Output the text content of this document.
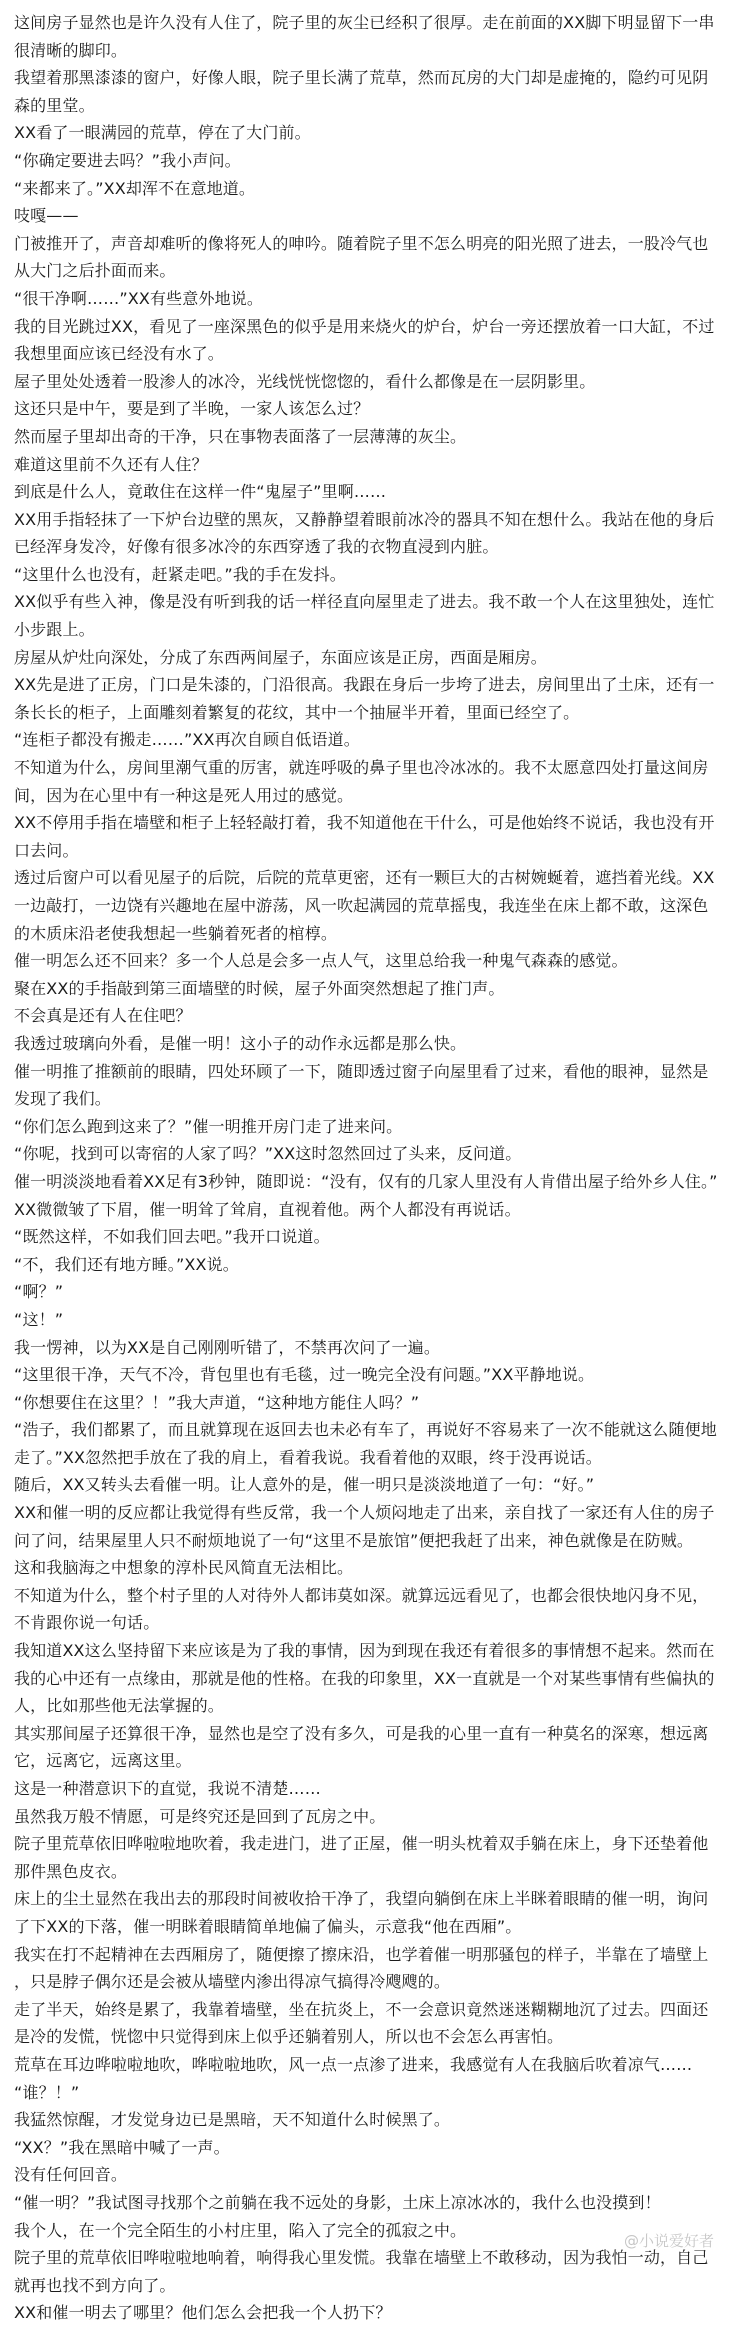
这间房子显然也是许久没有人住了，院子里的灰尘已经积了很厚。走在前面的XX脚下明显留下一串很清晰的脚印。

我望着那黑漆漆的窗户，好像人眼，院子里长满了荒草，然而瓦房的大门却是虚掩的，隐约可见阴森的里堂。

XX看了一眼满园的荒草，停在了大门前。

“你确定要进去吗？”我小声问。

“来都来了。”XX却浑不在意地道。

吱嘎——

门被推开了，声音却难听的像将死人的呻吟。随着院子里不怎么明亮的阳光照了进去，一股冷气也从大门之后扑面而来。

“很干净啊……”XX有些意外地说。

我的目光跳过XX，看见了一座深黑色的似乎是用来烧火的炉台，炉台一旁还摆放着一口大缸，不过我想里面应该已经没有水了。

屋子里处处透着一股渗人的冰冷，光线恍恍惚惚的，看什么都像是在一层阴影里。

这还只是中午，要是到了半晚，一家人该怎么过？

然而屋子里却出奇的干净，只在事物表面落了一层薄薄的灰尘。

难道这里前不久还有人住？

到底是什么人，竟敢住在这样一件“鬼屋子”里啊……

XX用手指轻抹了一下炉台边壁的黑灰，又静静望着眼前冰冷的器具不知在想什么。我站在他的身后已经浑身发冷，好像有很多冰冷的东西穿透了我的衣物直浸到内脏。

“这里什么也没有，赶紧走吧。”我的手在发抖。

XX似乎有些入神，像是没有听到我的话一样径直向屋里走了进去。我不敢一个人在这里独处，连忙小步跟上。

房屋从炉灶向深处，分成了东西两间屋子，东面应该是正房，西面是厢房。

XX先是进了正房，门口是朱漆的，门沿很高。我跟在身后一步垮了进去，房间里出了土床，还有一条长长的柜子，上面雕刻着繁复的花纹，其中一个抽屉半开着，里面已经空了。

“连柜子都没有搬走……”XX再次自顾自低语道。

不知道为什么，房间里潮气重的厉害，就连呼吸的鼻子里也冷冰冰的。我不太愿意四处打量这间房间，因为在心里中有一种这是死人用过的感觉。

XX不停用手指在墙壁和柜子上轻轻敲打着，我不知道他在干什么，可是他始终不说话，我也没有开口去问。

透过后窗户可以看见屋子的后院，后院的荒草更密，还有一颗巨大的古树婉蜒着，遮挡着光线。XX一边敲打，一边饶有兴趣地在屋中游荡，风一吹起满园的荒草摇曳，我连坐在床上都不敢，这深色的木质床沿老使我想起一些躺着死者的棺椁。

催一明怎么还不回来？多一个人总是会多一点人气，这里总给我一种鬼气森森的感觉。

聚在XX的手指敲到第三面墙壁的时候，屋子外面突然想起了推门声。

不会真是还有人在住吧？

我透过玻璃向外看，是催一明！这小子的动作永远都是那么快。

催一明推了推额前的眼睛，四处环顾了一下，随即透过窗子向屋里看了过来，看他的眼神，显然是发现了我们。

“你们怎么跑到这来了？”催一明推开房门走了进来问。

“你呢，找到可以寄宿的人家了吗？”XX这时忽然回过了头来，反问道。

催一明淡淡地看着XX足有3秒钟，随即说：“没有，仅有的几家人里没有人肯借出屋子给外乡人住。”

XX微微皱了下眉，催一明耸了耸肩，直视着他。两个人都没有再说话。

“既然这样，不如我们回去吧。”我开口说道。

“不，我们还有地方睡。”XX说。

“啊？”

“这！”

我一愣神，以为XX是自己刚刚听错了，不禁再次问了一遍。

“这里很干净，天气不冷，背包里也有毛毯，过一晚完全没有问题。”XX平静地说。

“你想要住在这里？！”我大声道，“这种地方能住人吗？”

“浩子，我们都累了，而且就算现在返回去也未必有车了，再说好不容易来了一次不能就这么随便地走了。”XX忽然把手放在了我的肩上，看着我说。我看着他的双眼，终于没再说话。

随后，XX又转头去看催一明。让人意外的是，催一明只是淡淡地道了一句：“好。”

XX和催一明的反应都让我觉得有些反常，我一个人烦闷地走了出来，亲自找了一家还有人住的房子问了问，结果屋里人只不耐烦地说了一句“这里不是旅馆”便把我赶了出来，神色就像是在防贼。

这和我脑海之中想象的淳朴民风简直无法相比。

不知道为什么，整个村子里的人对待外人都讳莫如深。就算远远看见了，也都会很快地闪身不见，不肯跟你说一句话。

我知道XX这么坚持留下来应该是为了我的事情，因为到现在我还有着很多的事情想不起来。然而在我的心中还有一点缘由，那就是他的性格。在我的印象里，XX一直就是一个对某些事情有些偏执的人，比如那些他无法掌握的。

其实那间屋子还算很干净，显然也是空了没有多久，可是我的心里一直有一种莫名的深寒，想远离它，远离它，远离这里。

这是一种潜意识下的直觉，我说不清楚……

虽然我万般不情愿，可是终究还是回到了瓦房之中。

院子里荒草依旧哗啦啦地吹着，我走进门，进了正屋，催一明头枕着双手躺在床上，身下还垫着他那件黑色皮衣。

床上的尘土显然在我出去的那段时间被收拾干净了，我望向躺倒在床上半眯着眼睛的催一明，询问了下XX的下落，催一明眯着眼睛简单地偏了偏头，示意我“他在西厢”。

我实在打不起精神在去西厢房了，随便擦了擦床沿，也学着催一明那骚包的样子，半靠在了墙壁上，只是脖子偶尔还是会被从墙壁内渗出得凉气搞得冷飕飕的。

走了半天，始终是累了，我靠着墙壁，坐在抗炎上，不一会意识竟然迷迷糊糊地沉了过去。四面还是冷的发慌，恍惚中只觉得到床上似乎还躺着别人，所以也不会怎么再害怕。

荒草在耳边哗啦啦地吹，哗啦啦地吹，风一点一点渗了进来，我感觉有人在我脑后吹着凉气……

“谁？！”

我猛然惊醒，才发觉身边已是黑暗，天不知道什么时候黑了。

“XX？”我在黑暗中喊了一声。

没有任何回音。

“催一明？”我试图寻找那个之前躺在我不远处的身影，土床上凉冰冰的，我什么也没摸到！

我个人，在一个完全陌生的小村庄里，陷入了完全的孤寂之中。

院子里的荒草依旧哗啦啦地响着，响得我心里发慌。我靠在墙壁上不敢移动，因为我怕一动，自己就再也找不到方向了。

XX和催一明去了哪里？他们怎么会把我一个人扔下？

@小说爱好者
